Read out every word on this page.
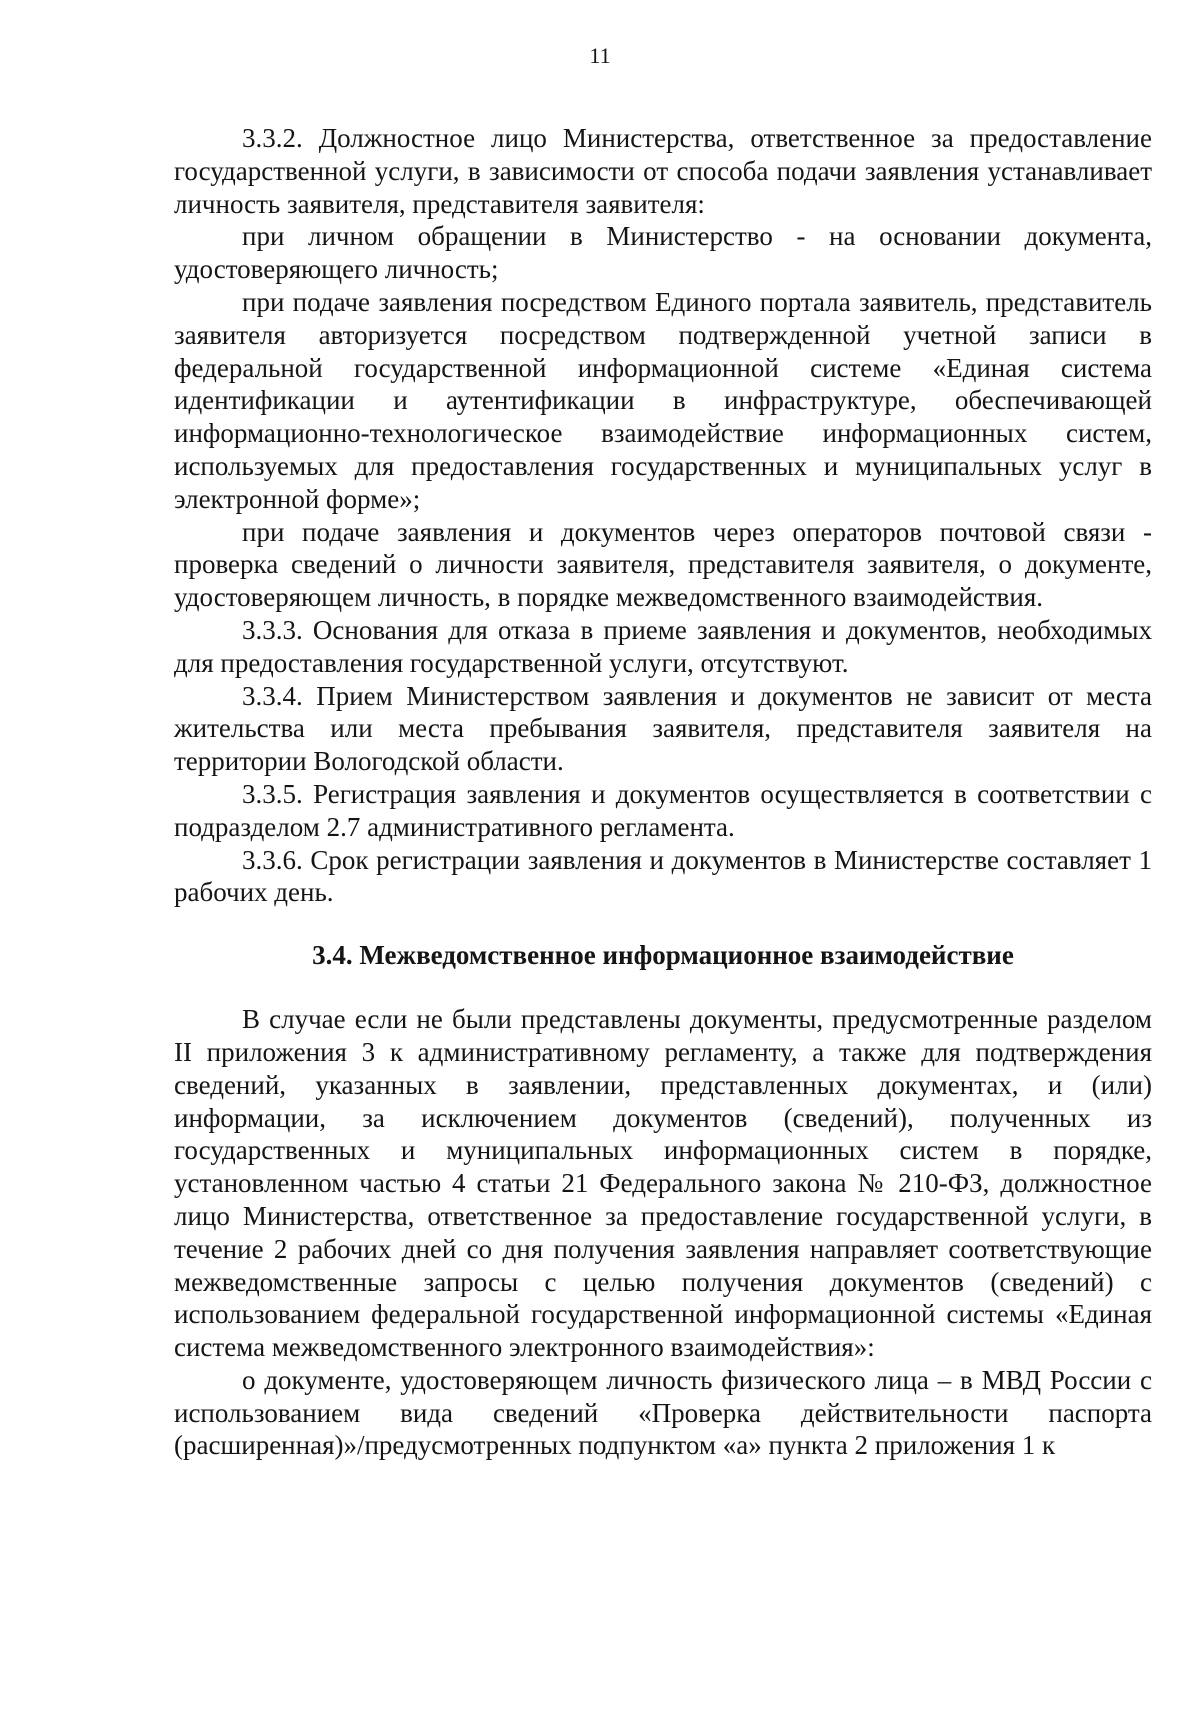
11

3.3.2. Должностное лицо Министерства, ответственное за предоставление государственной услуги, в зависимости от способа подачи заявления устанавливает личность заявителя, представителя заявителя:

при личном обращении в Министерство - на основании документа, удостоверяющего личность;

при подаче заявления посредством Единого портала заявитель, представитель заявителя авторизуется посредством подтвержденной учетной записи в федеральной государственной информационной системе «Единая система идентификации и аутентификации в инфраструктуре, обеспечивающей информационно-технологическое взаимодействие информационных систем, используемых для предоставления государственных и муниципальных услуг в электронной форме»;

при подаче заявления и документов через операторов почтовой связи - проверка сведений о личности заявителя, представителя заявителя, о документе, удостоверяющем личность, в порядке межведомственного взаимодействия.

3.3.3. Основания для отказа в приеме заявления и документов, необходимых для предоставления государственной услуги, отсутствуют.

3.3.4. Прием Министерством заявления и документов не зависит от места жительства или места пребывания заявителя, представителя заявителя на территории Вологодской области.

3.3.5. Регистрация заявления и документов осуществляется в соответствии с подразделом 2.7 административного регламента.

3.3.6. Срок регистрации заявления и документов в Министерстве составляет 1 рабочих день.

3.4. Межведомственное информационное взаимодействие

В случае если не были представлены документы, предусмотренные разделом II приложения 3 к административному регламенту, а также для подтверждения сведений, указанных в заявлении, представленных документах, и (или) информации, за исключением документов (сведений), полученных из государственных и муниципальных информационных систем в порядке, установленном частью 4 статьи 21 Федерального закона № 210-ФЗ, должностное лицо Министерства, ответственное за предоставление государственной услуги, в течение 2 рабочих дней со дня получения заявления направляет соответствующие межведомственные запросы с целью получения документов (сведений) с использованием федеральной государственной информационной системы «Единая система межведомственного электронного взаимодействия»:

о документе, удостоверяющем личность физического лица – в МВД России с использованием вида сведений «Проверка действительности паспорта (расширенная)»/предусмотренных подпунктом «а» пункта 2 приложения 1 к
